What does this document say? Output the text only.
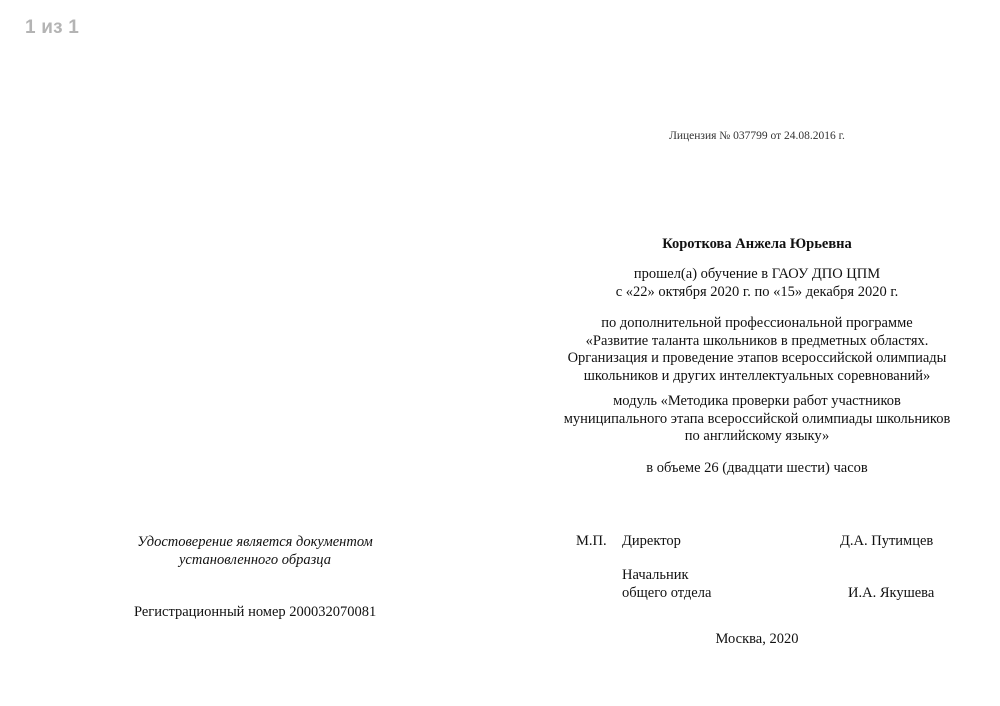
1 из 1
Лицензия № 037799 от 24.08.2016 г.
Короткова Анжела Юрьевна
прошел(а) обучение в ГАОУ ДПО ЦПМ
с «22» октября 2020 г. по «15» декабря 2020 г.
по дополнительной профессиональной программе
«Развитие таланта школьников в предметных областях.
Организация и проведение этапов всероссийской олимпиады
школьников и других интеллектуальных соревнований»
модуль «Методика проверки работ участников
муниципального этапа всероссийской олимпиады школьников
по английскому языку»
в объеме 26 (двадцати шести) часов
Удостоверение является документом
установленного образца
Регистрационный номер 200032070081
М.П. Директор	Д.А. Путимцев
Начальник
общего отдела	И.А. Якушева
Москва, 2020
